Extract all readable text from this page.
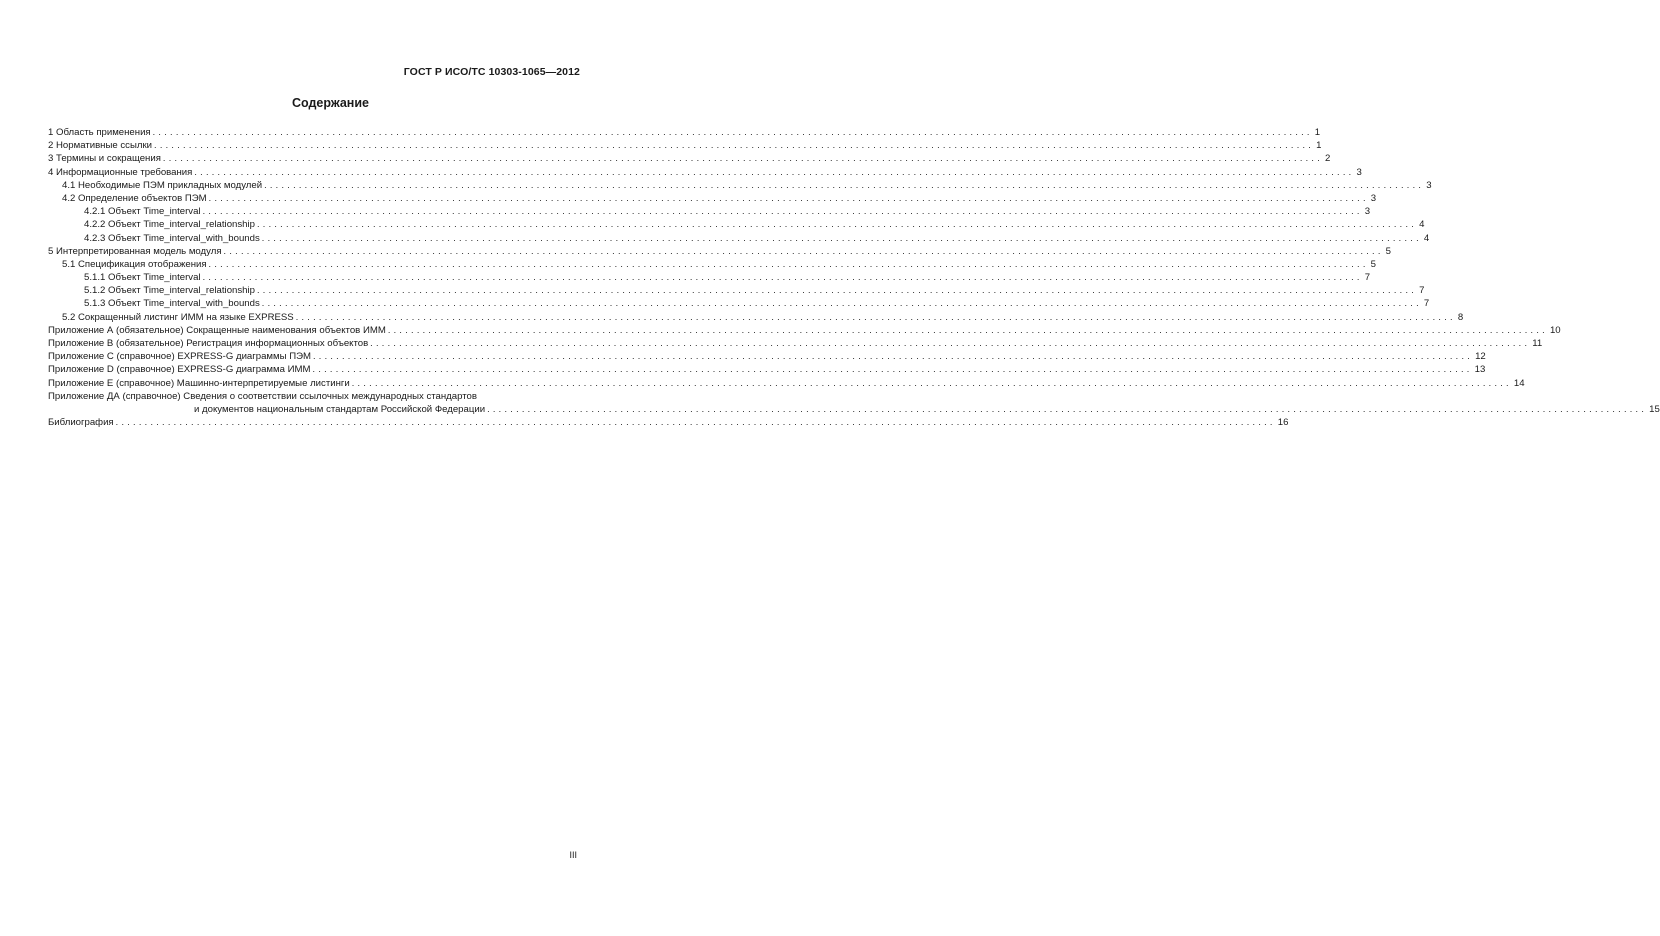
ГОСТ Р ИСО/ТС 10303-1065—2012
Содержание
1 Область применения ........................................................................................................................................................................................................ 1
2 Нормативные ссылки ........................................................................................................................................................................................................ 1
3 Термины и сокращения ........................................................................................................................................................................................................ 2
4 Информационные требования ........................................................................................................................................................................................................ 3
4.1 Необходимые ПЭМ прикладных модулей ........................................................................................................................................................................................................ 3
4.2 Определение объектов ПЭМ ........................................................................................................................................................................................................ 3
4.2.1 Объект Time_interval ........................................................................................................................................................................................................ 3
4.2.2 Объект Time_interval_relationship ........................................................................................................................................................................................................ 4
4.2.3 Объект Time_interval_with_bounds ........................................................................................................................................................................................................ 4
5 Интерпретированная модель модуля ........................................................................................................................................................................................................ 5
5.1 Спецификация отображения ........................................................................................................................................................................................................ 5
5.1.1 Объект Time_interval ........................................................................................................................................................................................................ 7
5.1.2 Объект Time_interval_relationship ........................................................................................................................................................................................................ 7
5.1.3 Объект Time_interval_with_bounds ........................................................................................................................................................................................................ 7
5.2 Сокращенный листинг ИММ на языке EXPRESS ........................................................................................................................................................................................................ 8
Приложение А (обязательное) Сокращенные наименования объектов ИММ ........................................................................................................................................................................................................ 10
Приложение В (обязательное) Регистрация информационных объектов ........................................................................................................................................................................................................ 11
Приложение С (справочное) EXPRESS-G диаграммы ПЭМ ........................................................................................................................................................................................................ 12
Приложение D (справочное) EXPRESS-G диаграмма ИММ ........................................................................................................................................................................................................ 13
Приложение Е (справочное) Машинно-интерпретируемые листинги ........................................................................................................................................................................................................ 14
Приложение ДА (справочное) Сведения о соответствии ссылочных международных стандартов
и документов национальным стандартам Российской Федерации ........................................................................................................................................................................................................ 15
Библиография ........................................................................................................................................................................................................ 16
III
